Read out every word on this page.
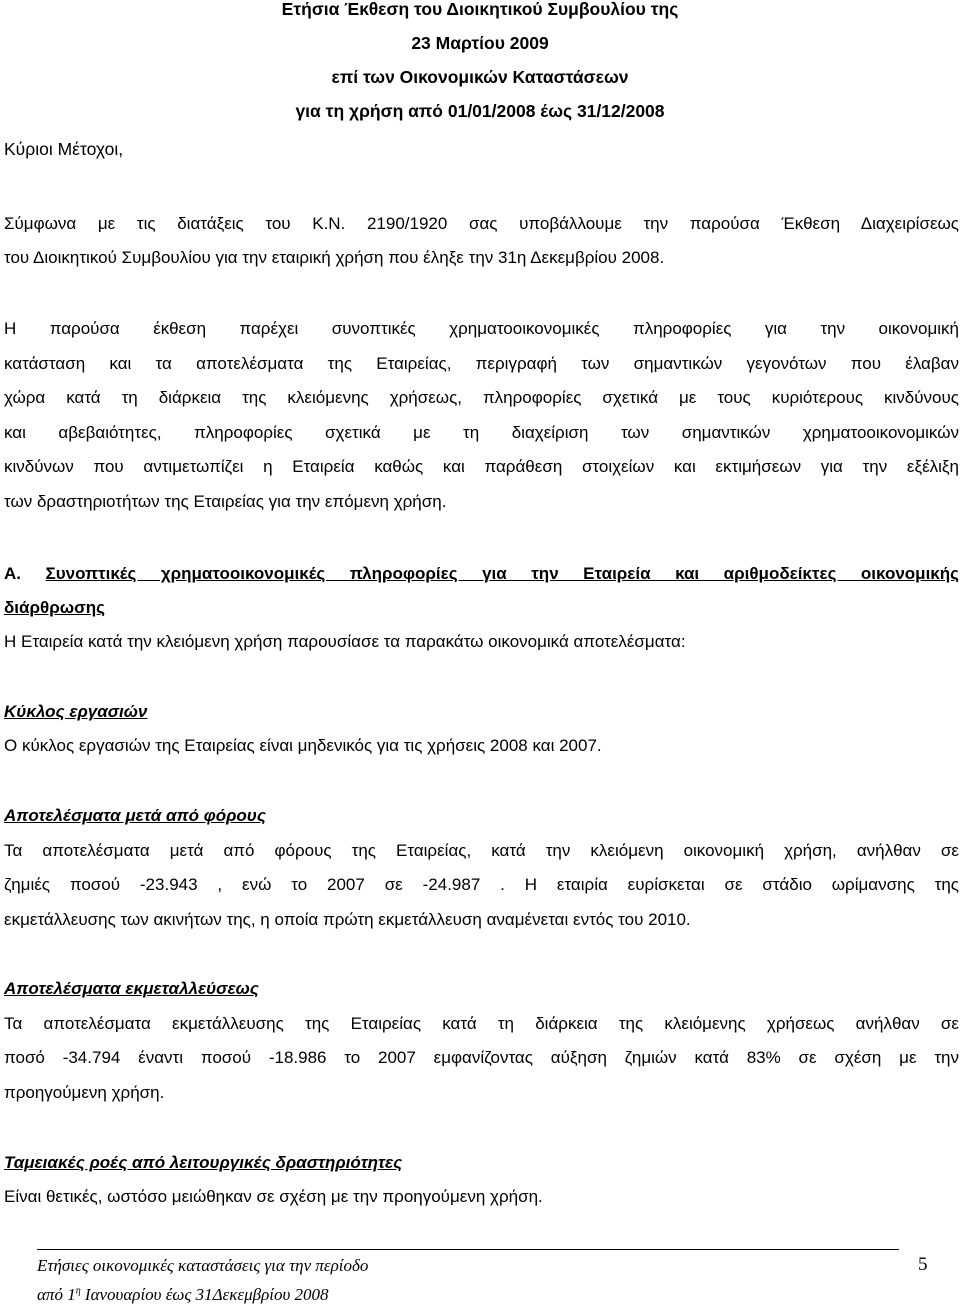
Ετήσια Έκθεση του Διοικητικού Συμβουλίου της
23 Μαρτίου 2009
επί των Οικονομικών Καταστάσεων
για τη χρήση από 01/01/2008 έως 31/12/2008
Κύριοι Μέτοχοι,
Σύμφωνα με τις διατάξεις του Κ.Ν. 2190/1920 σας υποβάλλουμε την παρούσα Έκθεση Διαχειρίσεως
του Διοικητικού Συμβουλίου για την εταιρική χρήση που έληξε την 31η Δεκεμβρίου 2008.
Η παρούσα έκθεση παρέχει συνοπτικές χρηματοοικονομικές πληροφορίες για την οικονομική
κατάσταση και τα αποτελέσματα της Εταιρείας, περιγραφή των σημαντικών γεγονότων που έλαβαν
χώρα κατά τη διάρκεια της κλειόμενης χρήσεως, πληροφορίες σχετικά με τους κυριότερους κινδύνους
και αβεβαιότητες, πληροφορίες σχετικά με τη διαχείριση των σημαντικών χρηματοοικονομικών
κινδύνων που αντιμετωπίζει η Εταιρεία καθώς και παράθεση στοιχείων και εκτιμήσεων για την εξέλιξη
των δραστηριοτήτων της Εταιρείας για την επόμενη χρήση.
Α. Συνοπτικές χρηματοοικονομικές πληροφορίες για την Εταιρεία και αριθμοδείκτες οικονομικής
διάρθρωσης
Η Εταιρεία κατά την κλειόμενη χρήση παρουσίασε τα παρακάτω οικονομικά αποτελέσματα:
Κύκλος εργασιών
Ο κύκλος εργασιών της Εταιρείας είναι μηδενικός για τις χρήσεις 2008 και 2007.
Αποτελέσματα μετά από φόρους
Τα αποτελέσματα μετά από φόρους της Εταιρείας, κατά την κλειόμενη οικονομική χρήση, ανήλθαν σε
ζημιές ποσού -23.943 , ενώ το 2007 σε -24.987 . Η εταιρία ευρίσκεται σε στάδιο ωρίμανσης της
εκμετάλλευσης των ακινήτων της, η οποία πρώτη εκμετάλλευση αναμένεται εντός του 2010.
Αποτελέσματα εκμεταλλεύσεως
Τα αποτελέσματα εκμετάλλευσης της Εταιρείας κατά τη διάρκεια της κλειόμενης χρήσεως ανήλθαν σε
ποσό -34.794 έναντι ποσού -18.986 το 2007 εμφανίζοντας αύξηση ζημιών κατά 83% σε σχέση με την
προηγούμενη χρήση.
Ταμειακές ροές από λειτουργικές δραστηριότητες
Είναι θετικές, ωστόσο μειώθηκαν σε σχέση με την προηγούμενη χρήση.
Ετήσιες οικονομικές καταστάσεις για την περίοδο
από $1^\eta$ Ιανουαρίου έως 31Δεκεμβρίου 2008
5
